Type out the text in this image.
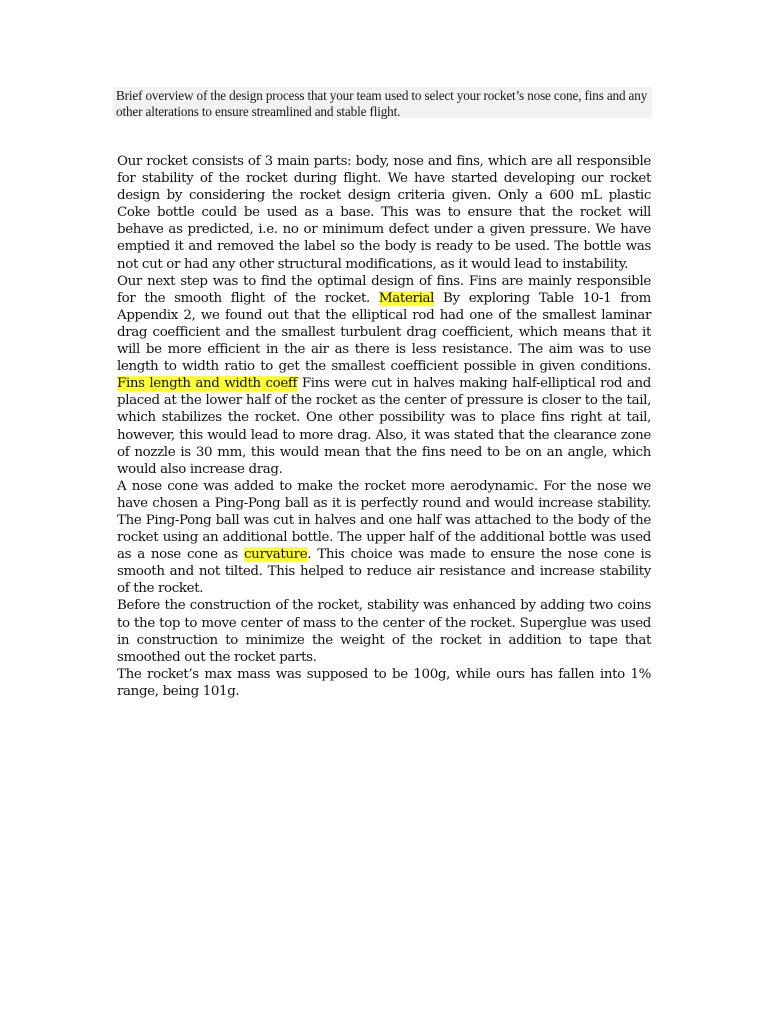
Brief overview of the design process that your team used to select your rocket’s nose cone, fins and any other alterations to ensure streamlined and stable flight.

Our rocket consists of 3 main parts: body, nose and fins, which are all responsible for stability of the rocket during flight. We have started developing our rocket design by considering the rocket design criteria given. Only a 600 mL plastic Coke bottle could be used as a base. This was to ensure that the rocket will behave as predicted, i.e. no or minimum defect under a given pressure. We have emptied it and removed the label so the body is ready to be used. The bottle was not cut or had any other structural modifications, as it would lead to instability.

Our next step was to find the optimal design of fins. Fins are mainly responsible for the smooth flight of the rocket. Material By exploring Table 10-1 from Appendix 2, we found out that the elliptical rod had one of the smallest laminar drag coefficient and the smallest turbulent drag coefficient, which means that it will be more efficient in the air as there is less resistance. The aim was to use length to width ratio to get the smallest coefficient possible in given conditions. Fins length and width coeff Fins were cut in halves making half-elliptical rod and placed at the lower half of the rocket as the center of pressure is closer to the tail, which stabilizes the rocket. One other possibility was to place fins right at tail, however, this would lead to more drag. Also, it was stated that the clearance zone of nozzle is 30 mm, this would mean that the fins need to be on an angle, which would also increase drag.

A nose cone was added to make the rocket more aerodynamic. For the nose we have chosen a Ping-Pong ball as it is perfectly round and would increase stability. The Ping-Pong ball was cut in halves and one half was attached to the body of the rocket using an additional bottle. The upper half of the additional bottle was used as a nose cone as curvature. This choice was made to ensure the nose cone is smooth and not tilted. This helped to reduce air resistance and increase stability of the rocket.

Before the construction of the rocket, stability was enhanced by adding two coins to the top to move center of mass to the center of the rocket. Superglue was used in construction to minimize the weight of the rocket in addition to tape that smoothed out the rocket parts.

The rocket’s max mass was supposed to be 100g, while ours has fallen into 1% range, being 101g.
